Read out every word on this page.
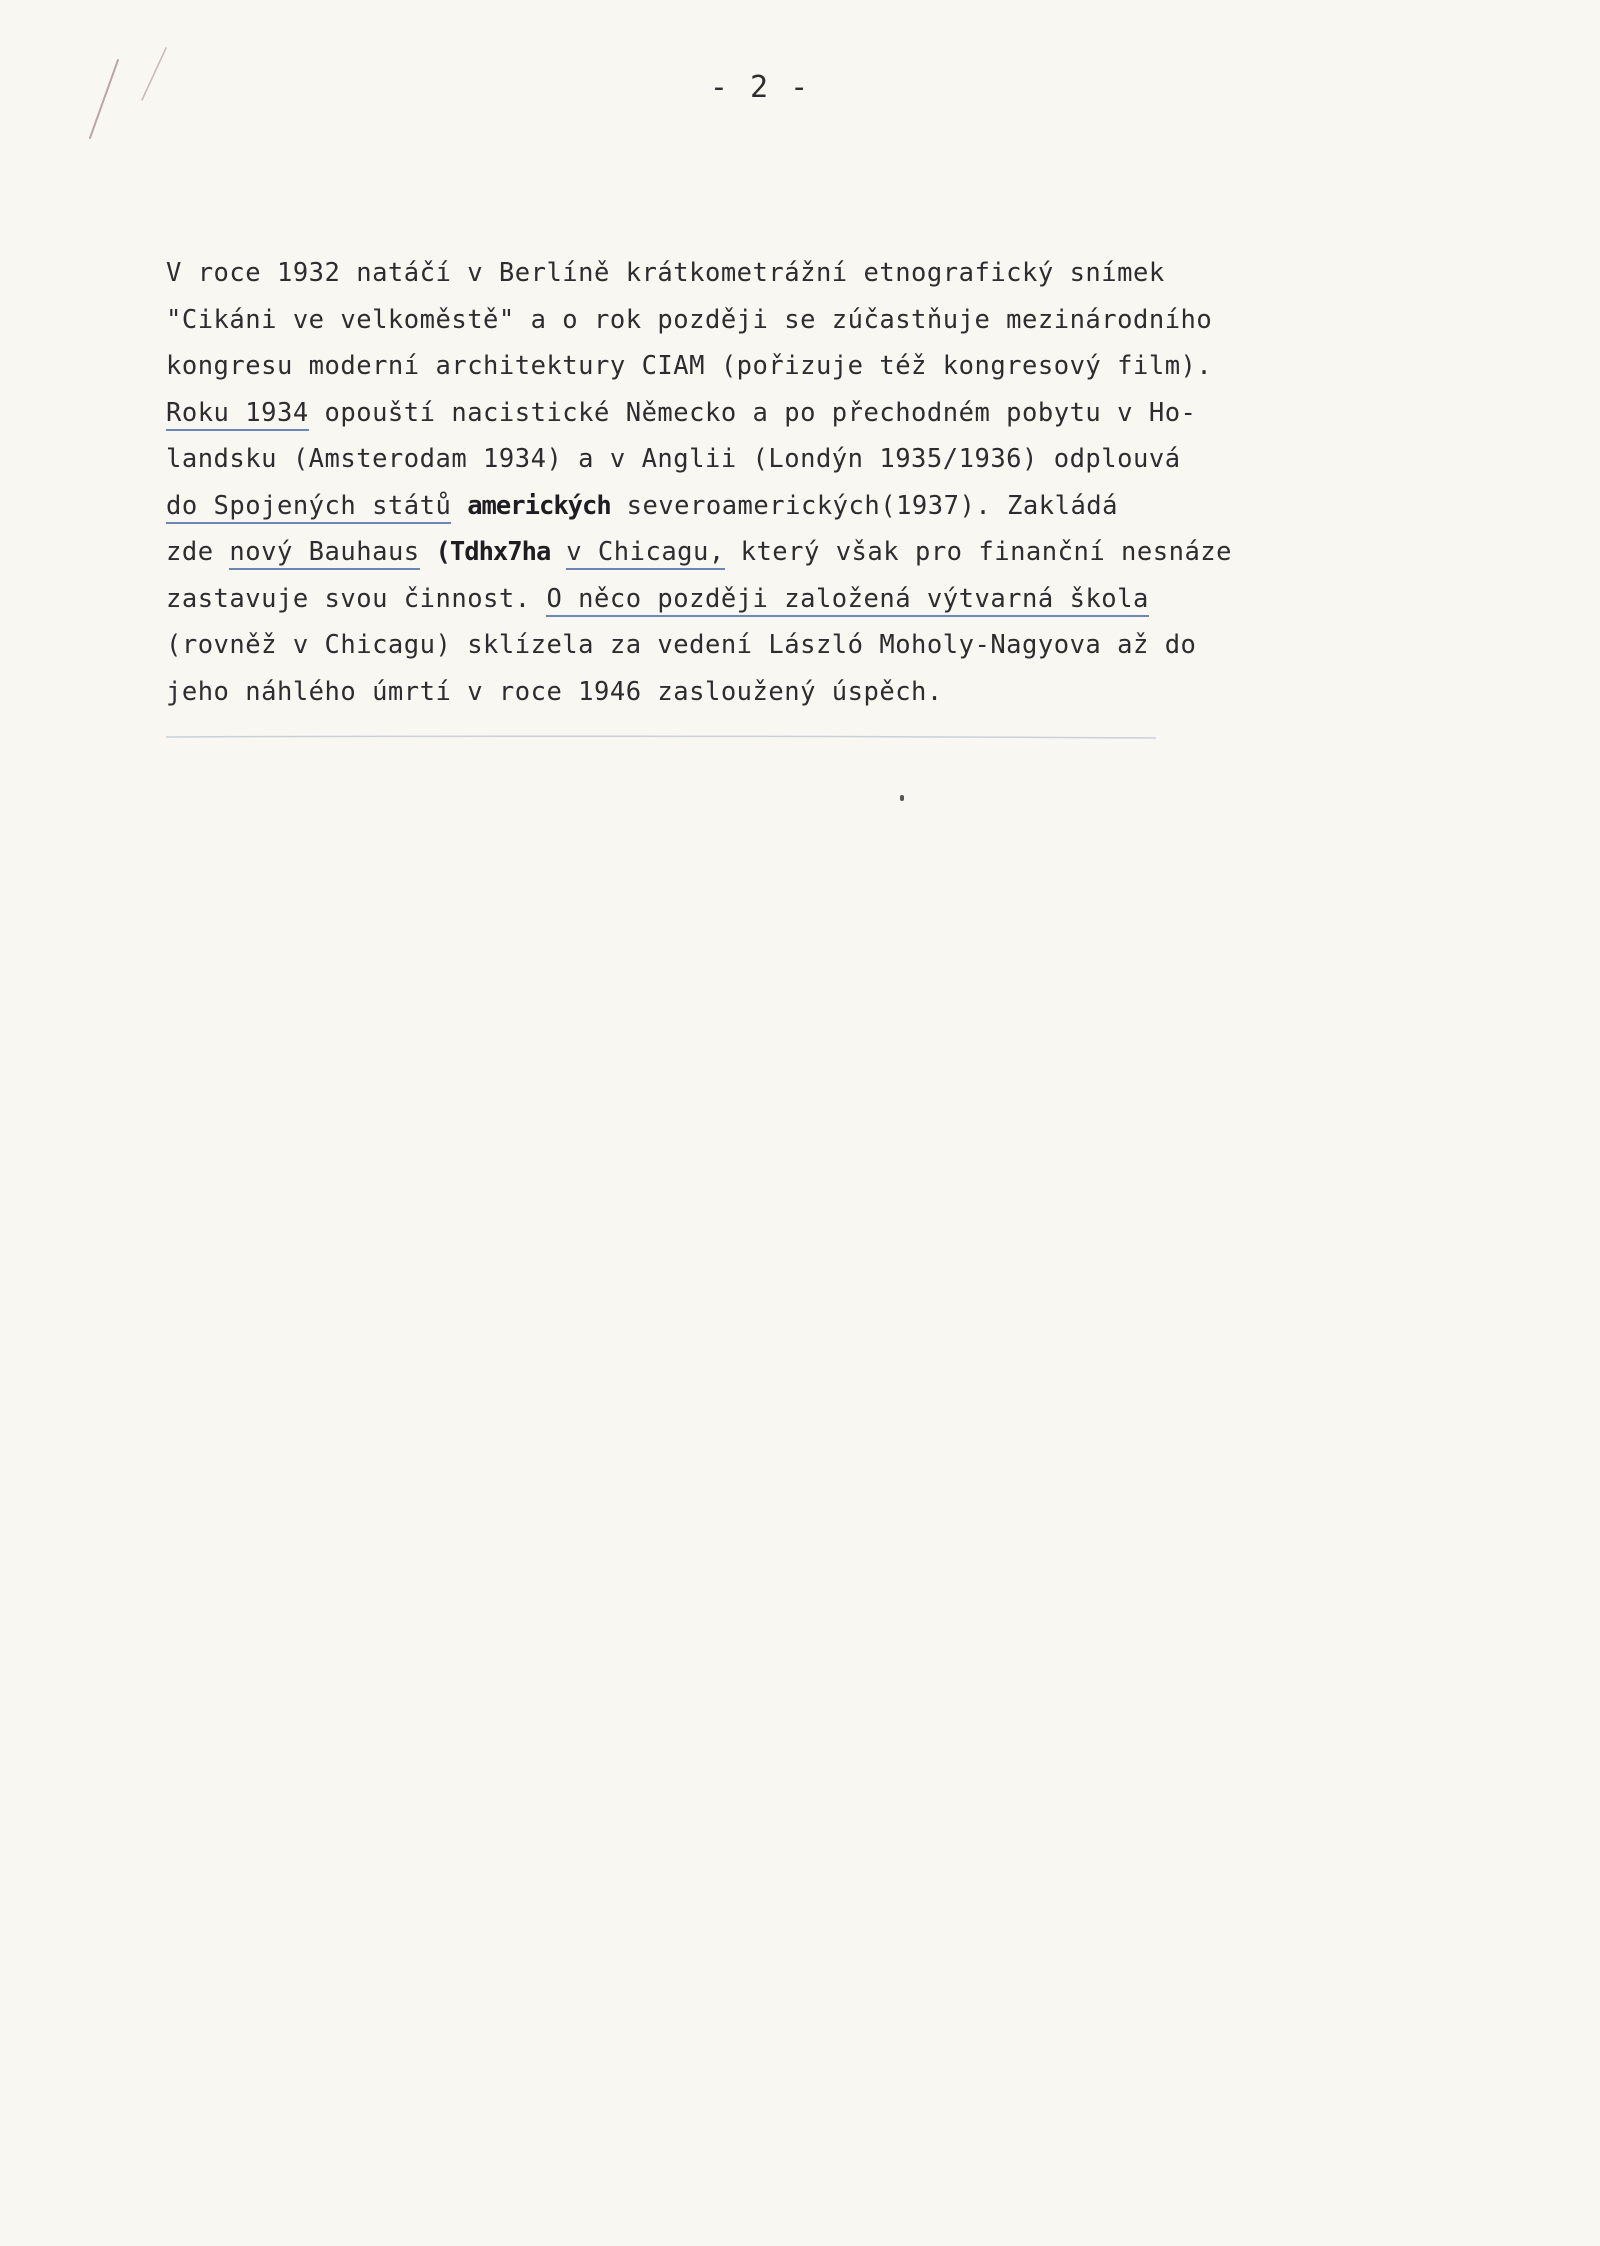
- 2 -
V roce 1932 natáčí v Berlíně krátkometrážní etnografický snímek
"Cikáni ve velkoměstě" a o rok později se zúčastňuje mezinárodního
kongresu moderní architektury CIAM (pořizuje též kongresový film).
Roku 1934 opouští nacistické Německo a po přechodném pobytu v Ho-
landsku (Amsterodam 1934) a v Anglii (Londýn 1935/1936) odplouvá
do Spojených států amerických severoamerických(1937). Zakládá
zde nový Bauhaus (Tdhx7ha v Chicagu, který však pro finanční nesnáze
zastavuje svou činnost. O něco později založená výtvarná škola
(rovněž v Chicagu) sklízela za vedení László Moholy-Nagyova až do
jeho náhlého úmrtí v roce 1946 zasloužený úspěch.
